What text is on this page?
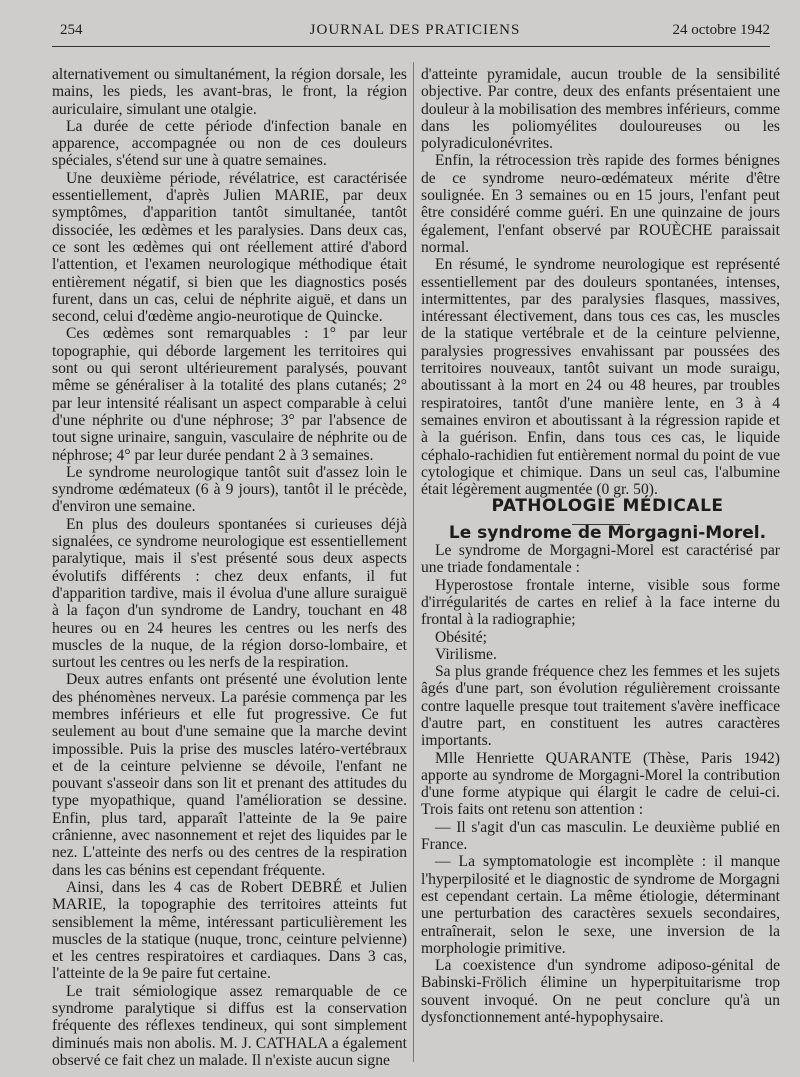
254	JOURNAL DES PRATICIENS	24 octobre 1942

alternativement ou simultanément, la région dorsale, les mains, les pieds, les avant-bras, le front, la région auriculaire, simulant une otalgie.

La durée de cette période d'infection banale en apparence, accompagnée ou non de ces douleurs spéciales, s'étend sur une à quatre semaines.

Une deuxième période, révélatrice, est caractérisée essentiellement, d'après Julien MARIE, par deux symptômes, d'apparition tantôt simultanée, tantôt dissociée, les œdèmes et les paralysies. Dans deux cas, ce sont les œdèmes qui ont réellement attiré d'abord l'attention, et l'examen neurologique méthodique était entièrement négatif, si bien que les diagnostics posés furent, dans un cas, celui de néphrite aiguë, et dans un second, celui d'œdème angio-neurotique de Quincke.

Ces œdèmes sont remarquables : 1° par leur topographie, qui déborde largement les territoires qui sont ou qui seront ultérieurement paralysés, pouvant même se généraliser à la totalité des plans cutanés; 2° par leur intensité réalisant un aspect comparable à celui d'une néphrite ou d'une néphrose; 3° par l'absence de tout signe urinaire, sanguin, vasculaire de néphrite ou de néphrose; 4° par leur durée pendant 2 à 3 semaines.

Le syndrome neurologique tantôt suit d'assez loin le syndrome œdémateux (6 à 9 jours), tantôt il le précède, d'environ une semaine.

En plus des douleurs spontanées si curieuses déjà signalées, ce syndrome neurologique est essentiellement paralytique, mais il s'est présenté sous deux aspects évolutifs différents : chez deux enfants, il fut d'apparition tardive, mais il évolua d'une allure suraiguë à la façon d'un syndrome de Landry, touchant en 48 heures ou en 24 heures les centres ou les nerfs des muscles de la nuque, de la région dorso-lombaire, et surtout les centres ou les nerfs de la respiration.

Deux autres enfants ont présenté une évolution lente des phénomènes nerveux. La parésie commença par les membres inférieurs et elle fut progressive. Ce fut seulement au bout d'une semaine que la marche devint impossible. Puis la prise des muscles latéro-vertébraux et de la ceinture pelvienne se dévoile, l'enfant ne pouvant s'asseoir dans son lit et prenant des attitudes du type myopathique, quand l'amélioration se dessine. Enfin, plus tard, apparaît l'atteinte de la 9e paire crânienne, avec nasonnement et rejet des liquides par le nez. L'atteinte des nerfs ou des centres de la respiration dans les cas bénins est cependant fréquente.

Ainsi, dans les 4 cas de Robert DEBRÉ et Julien MARIE, la topographie des territoires atteints fut sensiblement la même, intéressant particulièrement les muscles de la statique (nuque, tronc, ceinture pelvienne) et les centres respiratoires et cardiaques. Dans 3 cas, l'atteinte de la 9e paire fut certaine.

Le trait sémiologique assez remarquable de ce syndrome paralytique si diffus est la conservation fréquente des réflexes tendineux, qui sont simplement diminués mais non abolis. M. J. CATHALA a également observé ce fait chez un malade. Il n'existe aucun signe

d'atteinte pyramidale, aucun trouble de la sensibilité objective. Par contre, deux des enfants présentaient une douleur à la mobilisation des membres inférieurs, comme dans les poliomyélites douloureuses ou les polyradiculonévrites.

Enfin, la rétrocession très rapide des formes bénignes de ce syndrome neuro-œdémateux mérite d'être soulignée. En 3 semaines ou en 15 jours, l'enfant peut être considéré comme guéri. En une quinzaine de jours également, l'enfant observé par ROUÈCHE paraissait normal.

En résumé, le syndrome neurologique est représenté essentiellement par des douleurs spontanées, intenses, intermittentes, par des paralysies flasques, massives, intéressant électivement, dans tous ces cas, les muscles de la statique vertébrale et de la ceinture pelvienne, paralysies progressives envahissant par poussées des territoires nouveaux, tantôt suivant un mode suraigu, aboutissant à la mort en 24 ou 48 heures, par troubles respiratoires, tantôt d'une manière lente, en 3 à 4 semaines environ et aboutissant à la régression rapide et à la guérison. Enfin, dans tous ces cas, le liquide céphalo-rachidien fut entièrement normal du point de vue cytologique et chimique. Dans un seul cas, l'albumine était légèrement augmentée (0 gr. 50).

PATHOLOGIE MÉDICALE

Le syndrome de Morgagni-Morel.

Le syndrome de Morgagni-Morel est caractérisé par une triade fondamentale :

Hyperostose frontale interne, visible sous forme d'irrégularités de cartes en relief à la face interne du frontal à la radiographie;

Obésité;

Virilisme.

Sa plus grande fréquence chez les femmes et les sujets âgés d'une part, son évolution régulièrement croissante contre laquelle presque tout traitement s'avère inefficace d'autre part, en constituent les autres caractères importants.

Mlle Henriette QUARANTE (Thèse, Paris 1942) apporte au syndrome de Morgagni-Morel la contribution d'une forme atypique qui élargit le cadre de celui-ci. Trois faits ont retenu son attention :

— Il s'agit d'un cas masculin. Le deuxième publié en France.

— La symptomatologie est incomplète : il manque l'hyperpilosité et le diagnostic de syndrome de Morgagni est cependant certain. La même étiologie, déterminant une perturbation des caractères sexuels secondaires, entraînerait, selon le sexe, une inversion de la morphologie primitive.

La coexistence d'un syndrome adiposo-génital de Babinski-Frölich élimine un hyperpituitarisme trop souvent invoqué. On ne peut conclure qu'à un dysfonctionnement anté-hypophysaire.
